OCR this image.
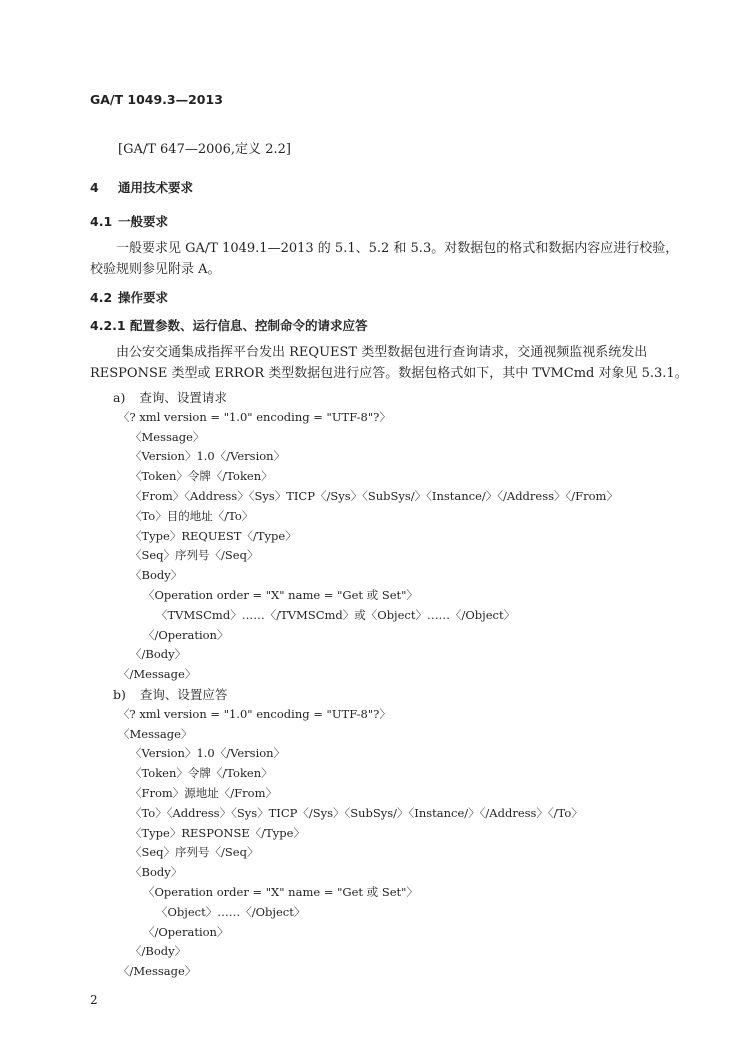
GA/T 1049.3—2013
[GA/T 647—2006,定义 2.2]
4 通用技术要求
4.1 一般要求
一般要求见 GA/T 1049.1—2013 的 5.1、5.2 和 5.3。对数据包的格式和数据内容应进行校验，校验规则参见附录 A。
4.2 操作要求
4.2.1 配置参数、运行信息、控制命令的请求应答
由公安交通集成指挥平台发出 REQUEST 类型数据包进行查询请求，交通视频监视系统发出 RESPONSE 类型或 ERROR 类型数据包进行应答。数据包格式如下，其中 TVMCmd 对象见 5.3.1。
a) 查询、设置请求
〈? xml version = "1.0" encoding = "UTF-8"?〉
〈Message〉
〈Version〉1.0〈/Version〉
〈Token〉令牌〈/Token〉
〈From〉〈Address〉〈Sys〉TICP〈/Sys〉〈SubSys/〉〈Instance/〉〈/Address〉〈/From〉
〈To〉目的地址〈/To〉
〈Type〉REQUEST〈/Type〉
〈Seq〉序列号〈/Seq〉
〈Body〉
〈Operation order = "X" name = "Get 或 Set"〉
〈TVMSCmd〉……〈/TVMSCmd〉或〈Object〉……〈/Object〉
〈/Operation〉
〈/Body〉
〈/Message〉
b) 查询、设置应答
〈? xml version = "1.0" encoding = "UTF-8"?〉
〈Message〉
〈Version〉1.0〈/Version〉
〈Token〉令牌〈/Token〉
〈From〉源地址〈/From〉
〈To〉〈Address〉〈Sys〉TICP〈/Sys〉〈SubSys/〉〈Instance/〉〈/Address〉〈/To〉
〈Type〉RESPONSE〈/Type〉
〈Seq〉序列号〈/Seq〉
〈Body〉
〈Operation order = "X" name = "Get 或 Set"〉
〈Object〉……〈/Object〉
〈/Operation〉
〈/Body〉
〈/Message〉
2
